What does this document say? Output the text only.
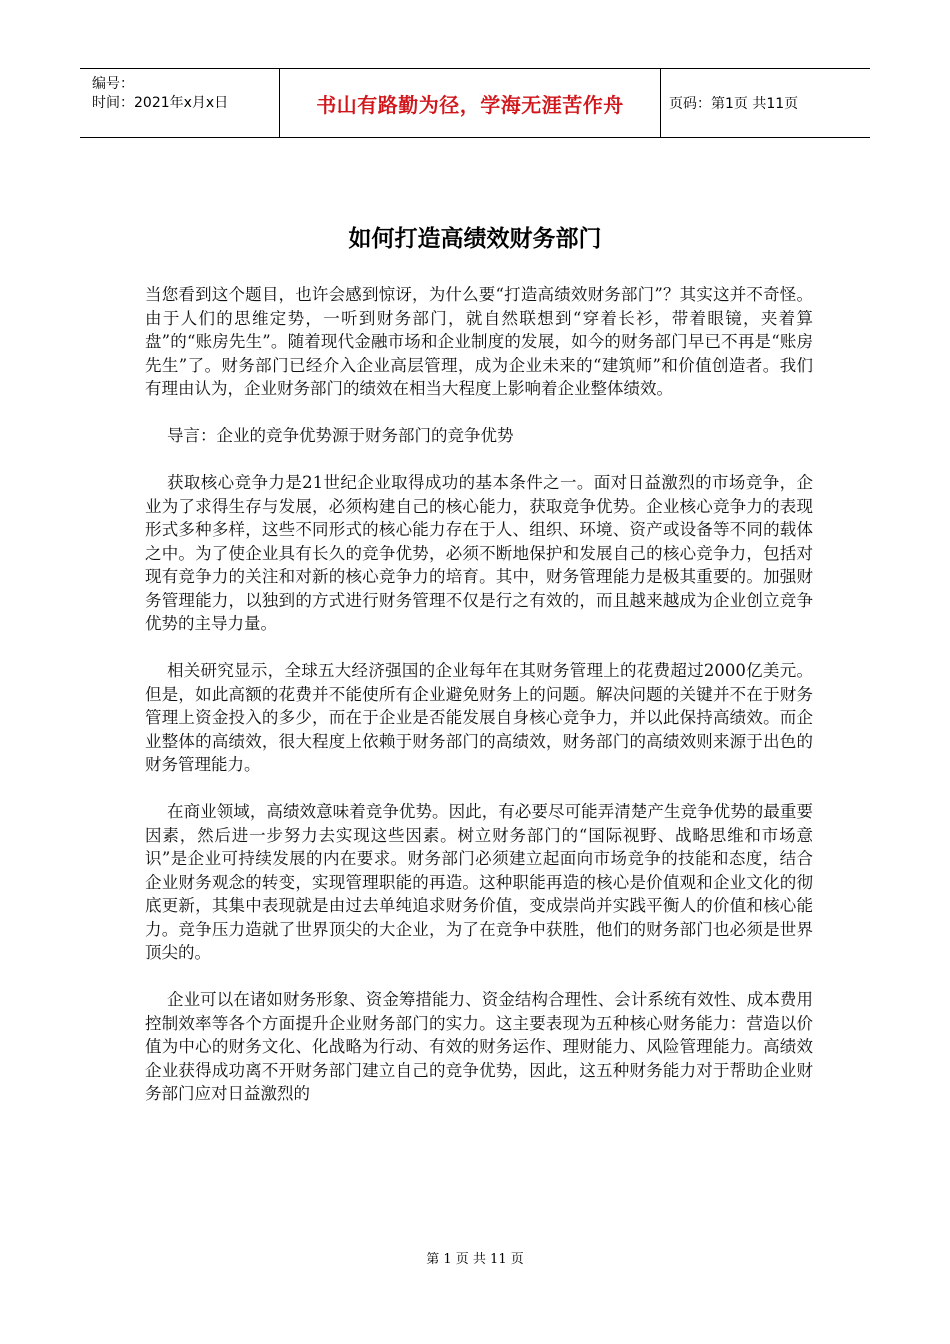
编号：
时间：2021年x月x日	书山有路勤为径，学海无涯苦作舟	页码：第1页 共11页
如何打造高绩效财务部门

当您看到这个题目，也许会感到惊讶，为什么要“打造高绩效财务部门”？其实这并不奇怪。由于人们的思维定势，一听到财务部门，就自然联想到“穿着长衫，带着眼镜，夹着算盘”的“账房先生”。随着现代金融市场和企业制度的发展，如今的财务部门早已不再是“账房先生”了。财务部门已经介入企业高层管理，成为企业未来的“建筑师”和价值创造者。我们有理由认为，企业财务部门的绩效在相当大程度上影响着企业整体绩效。

导言：企业的竞争优势源于财务部门的竞争优势

获取核心竞争力是21世纪企业取得成功的基本条件之一。面对日益激烈的市场竞争，企业为了求得生存与发展，必须构建自己的核心能力，获取竞争优势。企业核心竞争力的表现形式多种多样，这些不同形式的核心能力存在于人、组织、环境、资产或设备等不同的载体之中。为了使企业具有长久的竞争优势，必须不断地保护和发展自己的核心竞争力，包括对现有竞争力的关注和对新的核心竞争力的培育。其中，财务管理能力是极其重要的。加强财务管理能力，以独到的方式进行财务管理不仅是行之有效的，而且越来越成为企业创立竞争优势的主导力量。

相关研究显示，全球五大经济强国的企业每年在其财务管理上的花费超过2000亿美元。但是，如此高额的花费并不能使所有企业避免财务上的问题。解决问题的关键并不在于财务管理上资金投入的多少，而在于企业是否能发展自身核心竞争力，并以此保持高绩效。而企业整体的高绩效，很大程度上依赖于财务部门的高绩效，财务部门的高绩效则来源于出色的财务管理能力。

在商业领域，高绩效意味着竞争优势。因此，有必要尽可能弄清楚产生竞争优势的最重要因素，然后进一步努力去实现这些因素。树立财务部门的“国际视野、战略思维和市场意识”是企业可持续发展的内在要求。财务部门必须建立起面向市场竞争的技能和态度，结合企业财务观念的转变，实现管理职能的再造。这种职能再造的核心是价值观和企业文化的彻底更新，其集中表现就是由过去单纯追求财务价值，变成崇尚并实践平衡人的价值和核心能力。竞争压力造就了世界顶尖的大企业，为了在竞争中获胜，他们的财务部门也必须是世界顶尖的。

企业可以在诸如财务形象、资金筹措能力、资金结构合理性、会计系统有效性、成本费用控制效率等各个方面提升企业财务部门的实力。这主要表现为五种核心财务能力：营造以价值为中心的财务文化、化战略为行动、有效的财务运作、理财能力、风险管理能力。高绩效企业获得成功离不开财务部门建立自己的竞争优势，因此，这五种财务能力对于帮助企业财务部门应对日益激烈的

第 1 页 共 11 页
